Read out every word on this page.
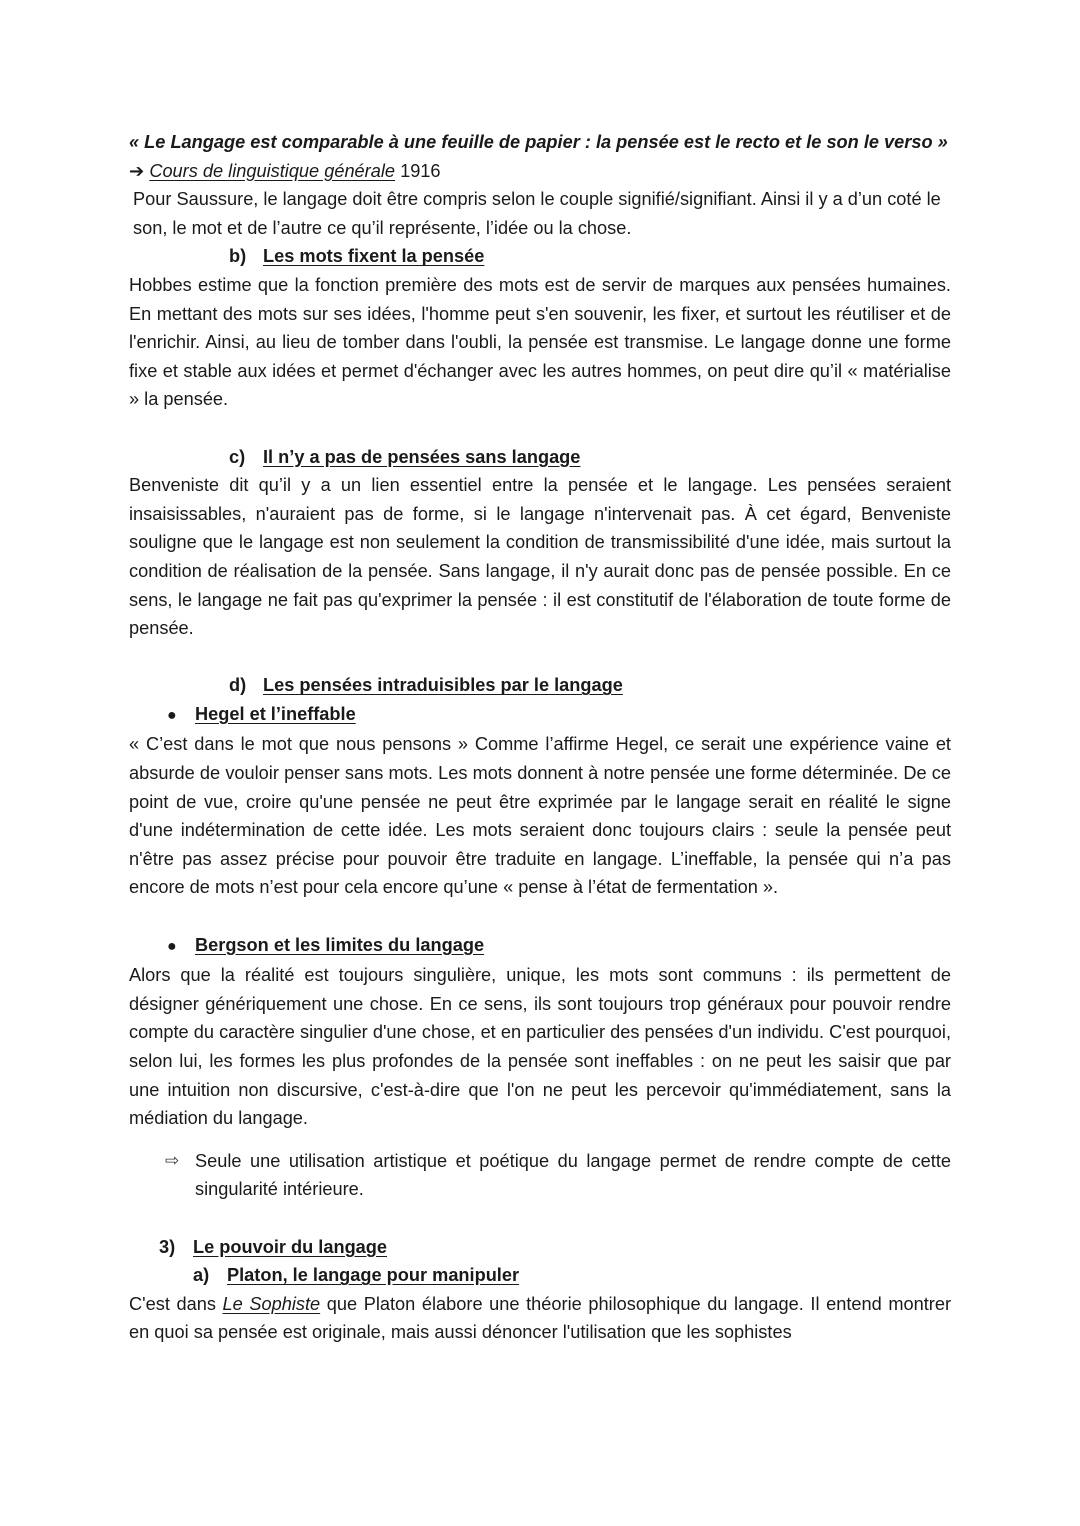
« Le Langage est comparable à une feuille de papier : la pensée est le recto et le son le verso » ➔ Cours de linguistique générale 1916

Pour Saussure, le langage doit être compris selon le couple signifié/signifiant. Ainsi il y a d’un coté le son, le mot et de l’autre ce qu’il représente, l’idée ou la chose.

b) Les mots fixent la pensée

Hobbes estime que la fonction première des mots est de servir de marques aux pensées humaines. En mettant des mots sur ses idées, l'homme peut s'en souvenir, les fixer, et surtout les réutiliser et de l'enrichir. Ainsi, au lieu de tomber dans l'oubli, la pensée est transmise. Le langage donne une forme fixe et stable aux idées et permet d'échanger avec les autres hommes, on peut dire qu’il « matérialise » la pensée.

c) Il n’y a pas de pensées sans langage

Benveniste dit qu’il y a un lien essentiel entre la pensée et le langage. Les pensées seraient insaisissables, n'auraient pas de forme, si le langage n'intervenait pas. À cet égard, Benveniste souligne que le langage est non seulement la condition de transmissibilité d'une idée, mais surtout la condition de réalisation de la pensée. Sans langage, il n'y aurait donc pas de pensée possible. En ce sens, le langage ne fait pas qu'exprimer la pensée : il est constitutif de l'élaboration de toute forme de pensée.

d) Les pensées intraduisibles par le langage

● Hegel et l’ineffable

« C’est dans le mot que nous pensons » Comme l’affirme Hegel, ce serait une expérience vaine et absurde de vouloir penser sans mots. Les mots donnent à notre pensée une forme déterminée. De ce point de vue, croire qu'une pensée ne peut être exprimée par le langage serait en réalité le signe d'une indétermination de cette idée. Les mots seraient donc toujours clairs : seule la pensée peut n'être pas assez précise pour pouvoir être traduite en langage. L’ineffable, la pensée qui n’a pas encore de mots n’est pour cela encore qu’une « pense à l’état de fermentation ».

● Bergson et les limites du langage

Alors que la réalité est toujours singulière, unique, les mots sont communs : ils permettent de désigner génériquement une chose. En ce sens, ils sont toujours trop généraux pour pouvoir rendre compte du caractère singulier d'une chose, et en particulier des pensées d'un individu. C'est pourquoi, selon lui, les formes les plus profondes de la pensée sont ineffables : on ne peut les saisir que par une intuition non discursive, c'est-à-dire que l'on ne peut les percevoir qu'immédiatement, sans la médiation du langage.

⇨ Seule une utilisation artistique et poétique du langage permet de rendre compte de cette singularité intérieure.

3) Le pouvoir du langage

a) Platon, le langage pour manipuler

C'est dans Le Sophiste que Platon élabore une théorie philosophique du langage. Il entend montrer en quoi sa pensée est originale, mais aussi dénoncer l'utilisation que les sophistes
